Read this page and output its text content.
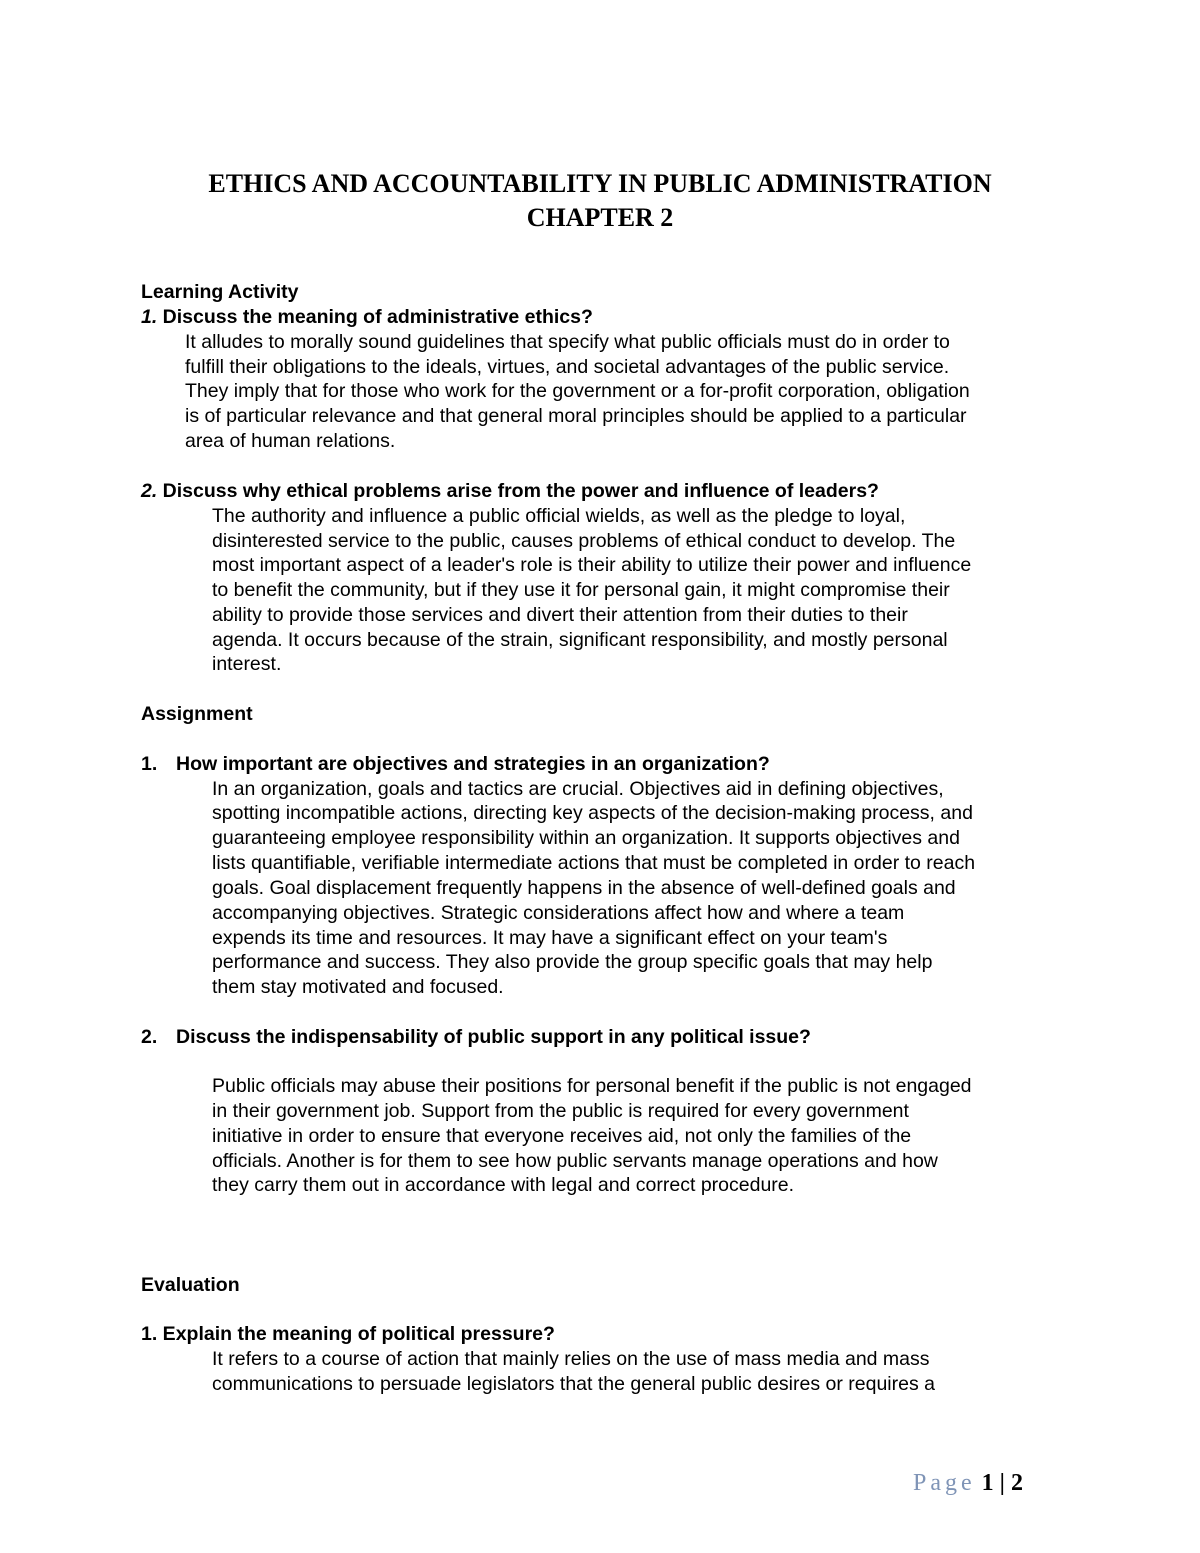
ETHICS AND ACCOUNTABILITY IN PUBLIC ADMINISTRATION
CHAPTER 2
Learning Activity
1. Discuss the meaning of administrative ethics?
It alludes to morally sound guidelines that specify what public officials must do in order to
fulfill their obligations to the ideals, virtues, and societal advantages of the public service.
They imply that for those who work for the government or a for-profit corporation, obligation
is of particular relevance and that general moral principles should be applied to a particular
area of human relations.
2. Discuss why ethical problems arise from the power and influence of leaders?
The authority and influence a public official wields, as well as the pledge to loyal,
disinterested service to the public, causes problems of ethical conduct to develop. The
most important aspect of a leader's role is their ability to utilize their power and influence
to benefit the community, but if they use it for personal gain, it might compromise their
ability to provide those services and divert their attention from their duties to their
agenda. It occurs because of the strain, significant responsibility, and mostly personal
interest.
Assignment
1. How important are objectives and strategies in an organization?
In an organization, goals and tactics are crucial. Objectives aid in defining objectives,
spotting incompatible actions, directing key aspects of the decision-making process, and
guaranteeing employee responsibility within an organization. It supports objectives and
lists quantifiable, verifiable intermediate actions that must be completed in order to reach
goals. Goal displacement frequently happens in the absence of well-defined goals and
accompanying objectives. Strategic considerations affect how and where a team
expends its time and resources. It may have a significant effect on your team's
performance and success. They also provide the group specific goals that may help
them stay motivated and focused.
2. Discuss the indispensability of public support in any political issue?
Public officials may abuse their positions for personal benefit if the public is not engaged
in their government job. Support from the public is required for every government
initiative in order to ensure that everyone receives aid, not only the families of the
officials. Another is for them to see how public servants manage operations and how
they carry them out in accordance with legal and correct procedure.
Evaluation
1. Explain the meaning of political pressure?
It refers to a course of action that mainly relies on the use of mass media and mass
communications to persuade legislators that the general public desires or requires a
Page 1 | 2
